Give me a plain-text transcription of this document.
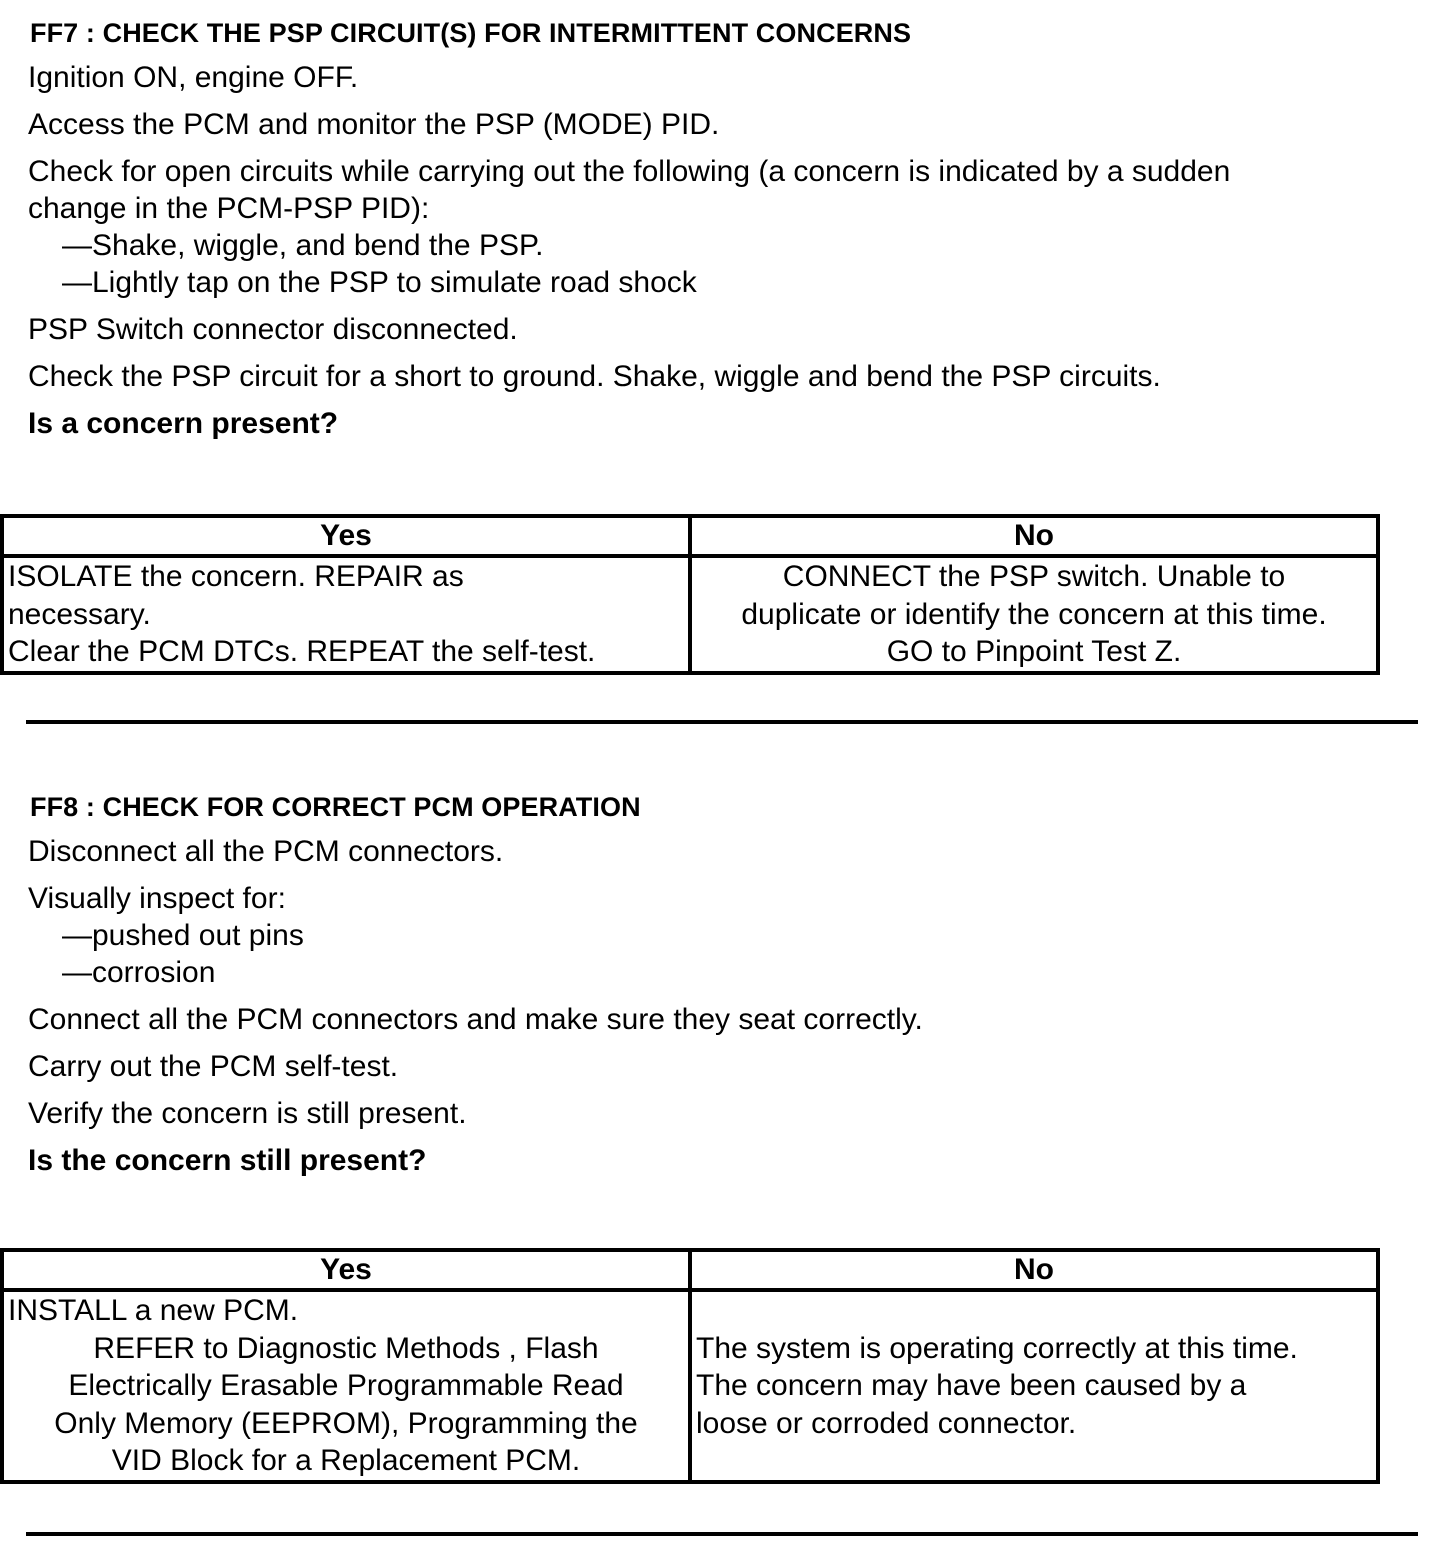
FF7 : CHECK THE PSP CIRCUIT(S) FOR INTERMITTENT CONCERNS

Ignition ON, engine OFF.

Access the PCM and monitor the PSP (MODE) PID.

Check for open circuits while carrying out the following (a concern is indicated by a sudden
change in the PCM-PSP PID):
—Shake, wiggle, and bend the PSP.
—Lightly tap on the PSP to simulate road shock

PSP Switch connector disconnected.

Check the PSP circuit for a short to ground. Shake, wiggle and bend the PSP circuits.

Is a concern present?

Yes	No

ISOLATE the concern. REPAIR as
necessary.
Clear the PCM DTCs. REPEAT the self-test.	CONNECT the PSP switch. Unable to
duplicate or identify the concern at this time.
GO to Pinpoint Test Z.
FF8 : CHECK FOR CORRECT PCM OPERATION

Disconnect all the PCM connectors.

Visually inspect for:
—pushed out pins
—corrosion

Connect all the PCM connectors and make sure they seat correctly.

Carry out the PCM self-test.

Verify the concern is still present.

Is the concern still present?

Yes	No

INSTALL a new PCM.
REFER to Diagnostic Methods , Flash
Electrically Erasable Programmable Read
Only Memory (EEPROM), Programming the
VID Block for a Replacement PCM.	The system is operating correctly at this time.
The concern may have been caused by a
loose or corroded connector.
